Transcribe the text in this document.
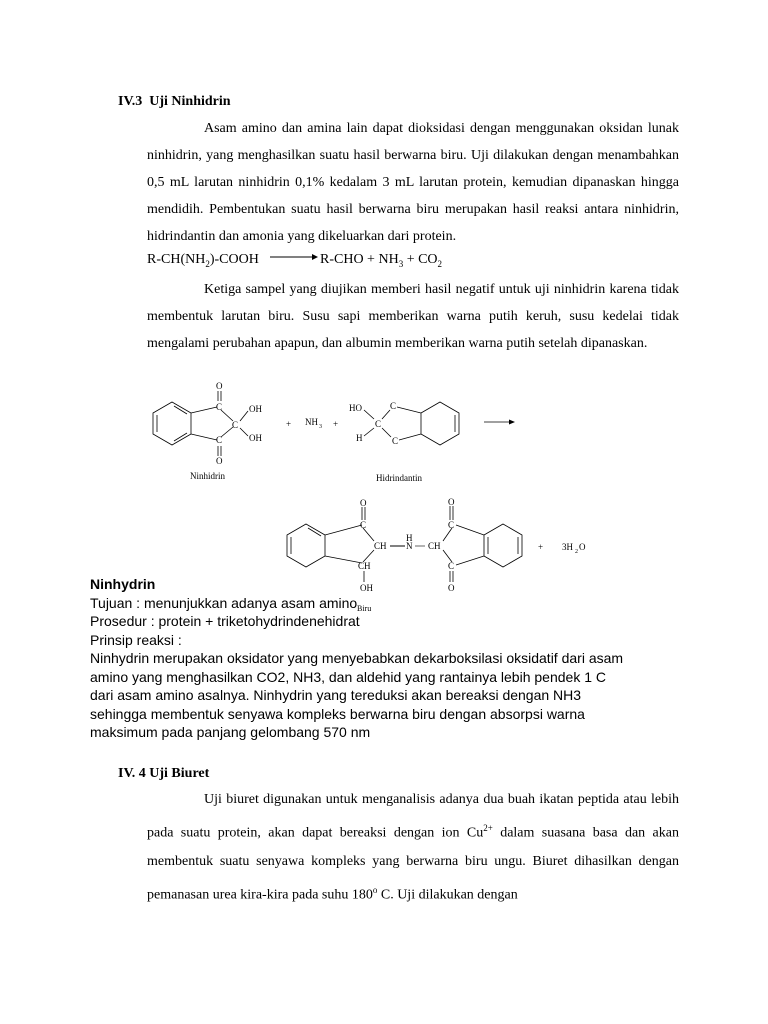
IV.3 Uji Ninhidrin
Asam amino dan amina lain dapat dioksidasi dengan menggunakan oksidan lunak ninhidrin, yang menghasilkan suatu hasil berwarna biru. Uji dilakukan dengan menambahkan 0,5 mL larutan ninhidrin 0,1% kedalam 3 mL larutan protein, kemudian dipanaskan hingga mendidih. Pembentukan suatu hasil berwarna biru merupakan hasil reaksi antara ninhidrin, hidrindantin dan amonia yang dikeluarkan dari protein.
$R-CH(NH_2)$-COOH	$R-CHO + NH_3 + CO_2$
Ketiga sampel yang diujikan memberi hasil negatif untuk uji ninhidrin karena tidak membentuk larutan biru. Susu sapi memberikan warna putih keruh, susu kedelai tidak mengalami perubahan apapun, dan albumin memberikan warna putih setelah dipanaskan.
O
C
C
C
O
OH
OH
Ninhidrin
+ NH 3 +
HO
H
C
C
C
Hidrindantin
O
C
CH
H
N CH
O
C
CH	C
OH	O
Biru
+ 3H 2 O
Ninhydrin
Tujuan : menunjukkan adanya asam amino
Prosedur : protein + triketohydrindenehidrat
Prinsip reaksi :
Ninhydrin merupakan oksidator yang menyebabkan dekarboksilasi oksidatif dari asam amino yang menghasilkan CO2, NH3, dan aldehid yang rantainya lebih pendek 1 C dari asam amino asalnya. Ninhydrin yang tereduksi akan bereaksi dengan NH3 sehingga membentuk senyawa kompleks berwarna biru dengan absorpsi warna maksimum pada panjang gelombang 570 nm
IV. 4 Uji Biuret
Uji biuret digunakan untuk menganalisis adanya dua buah ikatan peptida atau lebih pada suatu protein, akan dapat bereaksi dengan ion $Cu^{2+}$ dalam suasana basa dan akan membentuk suatu senyawa kompleks yang berwarna biru ungu. Biuret dihasilkan dengan pemanasan urea kira-kira pada suhu 180$^o$ C. Uji dilakukan dengan
